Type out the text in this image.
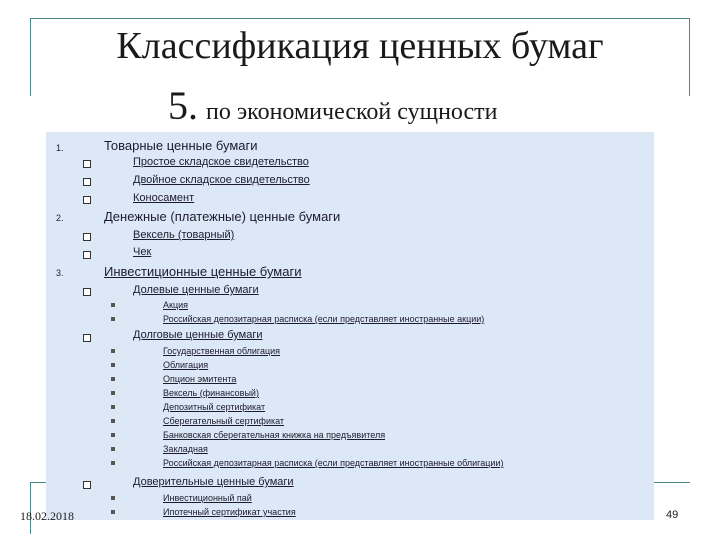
Классификация ценных бумаг
5. по экономической сущности
1.	Товарные ценные бумаги
Простое складское свидетельство
Двойное складское свидетельство
Коносамент
2.	Денежные (платежные) ценные бумаги
Вексель (товарный)
Чек
3.	Инвестиционные ценные бумаги
Долевые ценные бумаги
Акция
Российская депозитарная расписка (если представляет иностранные акции)
Долговые ценные бумаги
Государственная облигация
Облигация
Опцион эмитента
Вексель (финансовый)
Депозитный сертификат
Сберегательный сертификат
Банковская сберегательная книжка на предъявителя
Закладная
Российская депозитарная расписка (если представляет иностранные облигации)
Доверительные ценные бумаги
Инвестиционный пай
Ипотечный сертификат участия
18.02.2018	49
